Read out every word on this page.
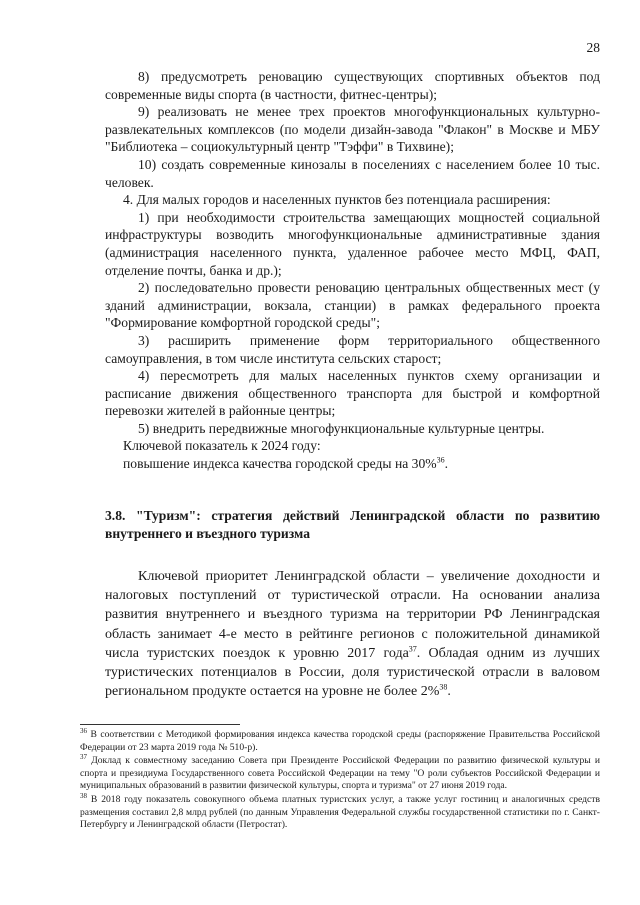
28

8) предусмотреть реновацию существующих спортивных объектов под современные виды спорта (в частности, фитнес-центры);

9) реализовать не менее трех проектов многофункциональных культурно-развлекательных комплексов (по модели дизайн-завода "Флакон" в Москве и МБУ "Библиотека – социокультурный центр "Тэффи" в Тихвине);

10) создать современные кинозалы в поселениях с населением более 10 тыс. человек.

4. Для малых городов и населенных пунктов без потенциала расширения:

1) при необходимости строительства замещающих мощностей социальной инфраструктуры возводить многофункциональные административные здания (администрация населенного пункта, удаленное рабочее место МФЦ, ФАП, отделение почты, банка и др.);

2) последовательно провести реновацию центральных общественных мест (у зданий администрации, вокзала, станции) в рамках федерального проекта "Формирование комфортной городской среды";

3) расширить применение форм территориального общественного самоуправления, в том числе института сельских старост;

4) пересмотреть для малых населенных пунктов схему организации и расписание движения общественного транспорта для быстрой и комфортной перевозки жителей в районные центры;

5) внедрить передвижные многофункциональные культурные центры.

Ключевой показатель к 2024 году:

повышение индекса качества городской среды на 30%$^{36}$.

3.8. "Туризм": стратегия действий Ленинградской области по развитию внутреннего и въездного туризма

Ключевой приоритет Ленинградской области – увеличение доходности и налоговых поступлений от туристической отрасли. На основании анализа развития внутреннего и въездного туризма на территории РФ Ленинградская область занимает 4-е место в рейтинге регионов с положительной динамикой числа туристских поездок к уровню 2017 года$^{37}$. Обладая одним из лучших туристических потенциалов в России, доля туристической отрасли в валовом региональном продукте остается на уровне не более 2%$^{38}$.

$^{36}$ В соответствии с Методикой формирования индекса качества городской среды (распоряжение Правительства Российской Федерации от 23 марта 2019 года № 510-р).

$^{37}$ Доклад к совместному заседанию Совета при Президенте Российской Федерации по развитию физической культуры и спорта и президиума Государственного совета Российской Федерации на тему "О роли субъектов Российской Федерации и муниципальных образований в развитии физической культуры, спорта и туризма" от 27 июня 2019 года.

$^{38}$ В 2018 году показатель совокупного объема платных туристских услуг, а также услуг гостиниц и аналогичных средств размещения составил 2,8 млрд рублей (по данным Управления Федеральной службы государственной статистики по г. Санкт-Петербургу и Ленинградской области (Петростат).
